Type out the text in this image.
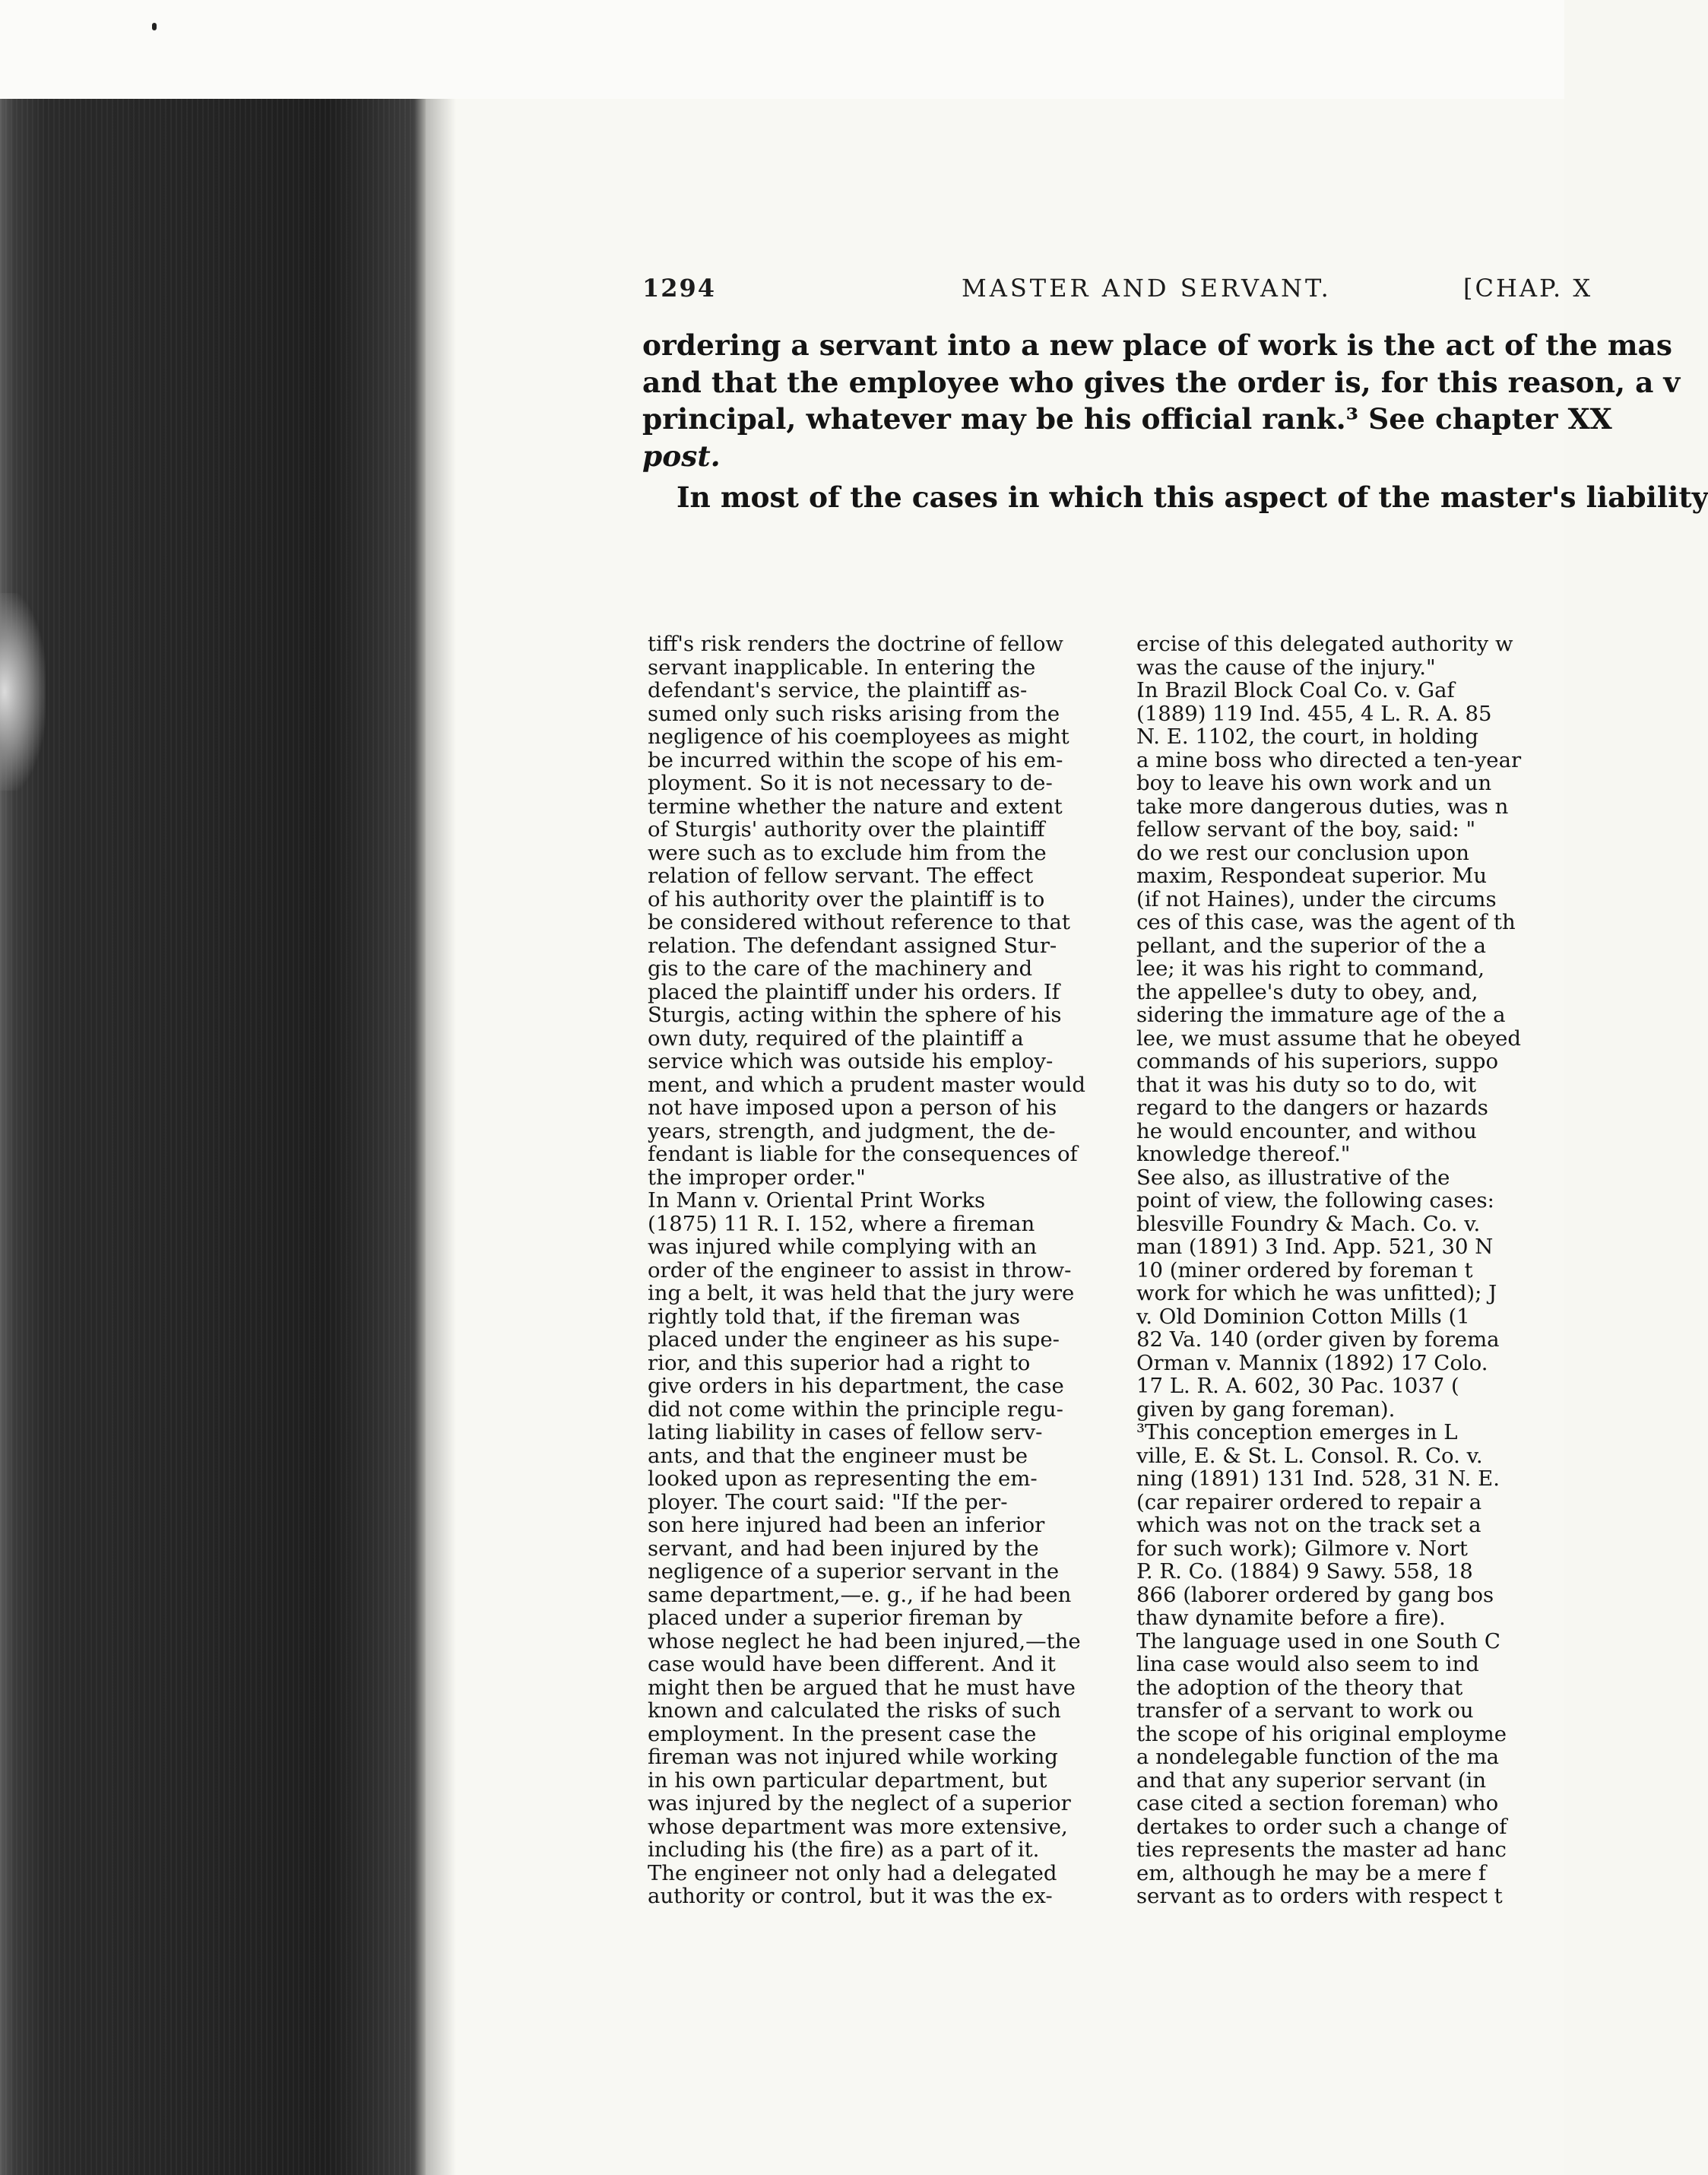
1294	MASTER AND SERVANT.	[CHAP. X
ordering a servant into a new place of work is the act of the mas
and that the employee who gives the order is, for this reason, a v
principal, whatever may be his official rank.³ See chapter XX
post.
In most of the cases in which this aspect of the master's liability
tiff's risk renders the doctrine of fellow
servant inapplicable. In entering the
defendant's service, the plaintiff as-
sumed only such risks arising from the
negligence of his coemployees as might
be incurred within the scope of his em-
ployment. So it is not necessary to de-
termine whether the nature and extent
of Sturgis' authority over the plaintiff
were such as to exclude him from the
relation of fellow servant. The effect
of his authority over the plaintiff is to
be considered without reference to that
relation. The defendant assigned Stur-
gis to the care of the machinery and
placed the plaintiff under his orders. If
Sturgis, acting within the sphere of his
own duty, required of the plaintiff a
service which was outside his employ-
ment, and which a prudent master would
not have imposed upon a person of his
years, strength, and judgment, the de-
fendant is liable for the consequences of
the improper order."
In Mann v. Oriental Print Works
(1875) 11 R. I. 152, where a fireman
was injured while complying with an
order of the engineer to assist in throw-
ing a belt, it was held that the jury were
rightly told that, if the fireman was
placed under the engineer as his supe-
rior, and this superior had a right to
give orders in his department, the case
did not come within the principle regu-
lating liability in cases of fellow serv-
ants, and that the engineer must be
looked upon as representing the em-
ployer. The court said: "If the per-
son here injured had been an inferior
servant, and had been injured by the
negligence of a superior servant in the
same department,—e. g., if he had been
placed under a superior fireman by
whose neglect he had been injured,—the
case would have been different. And it
might then be argued that he must have
known and calculated the risks of such
employment. In the present case the
fireman was not injured while working
in his own particular department, but
was injured by the neglect of a superior
whose department was more extensive,
including his (the fire) as a part of it.
The engineer not only had a delegated
authority or control, but it was the ex-
ercise of this delegated authority w
was the cause of the injury."
In Brazil Block Coal Co. v. Gaf
(1889) 119 Ind. 455, 4 L. R. A. 85
N. E. 1102, the court, in holding
a mine boss who directed a ten-year
boy to leave his own work and un
take more dangerous duties, was n
fellow servant of the boy, said: "
do we rest our conclusion upon
maxim, Respondeat superior. Mu
(if not Haines), under the circums
ces of this case, was the agent of th
pellant, and the superior of the a
lee; it was his right to command,
the appellee's duty to obey, and,
sidering the immature age of the a
lee, we must assume that he obeyed
commands of his superiors, suppo
that it was his duty so to do, wit
regard to the dangers or hazards
he would encounter, and withou
knowledge thereof."
See also, as illustrative of the
point of view, the following cases:
blesville Foundry & Mach. Co. v.
man (1891) 3 Ind. App. 521, 30 N
10 (miner ordered by foreman t
work for which he was unfitted); J
v. Old Dominion Cotton Mills (1
82 Va. 140 (order given by forema
Orman v. Mannix (1892) 17 Colo.
17 L. R. A. 602, 30 Pac. 1037 (
given by gang foreman).
³This conception emerges in L
ville, E. & St. L. Consol. R. Co. v.
ning (1891) 131 Ind. 528, 31 N. E.
(car repairer ordered to repair a
which was not on the track set a
for such work); Gilmore v. Nort
P. R. Co. (1884) 9 Sawy. 558, 18
866 (laborer ordered by gang bos
thaw dynamite before a fire).
The language used in one South C
lina case would also seem to ind
the adoption of the theory that
transfer of a servant to work ou
the scope of his original employme
a nondelegable function of the ma
and that any superior servant (in
case cited a section foreman) who
dertakes to order such a change of
ties represents the master ad hanc
em, although he may be a mere f
servant as to orders with respect t
